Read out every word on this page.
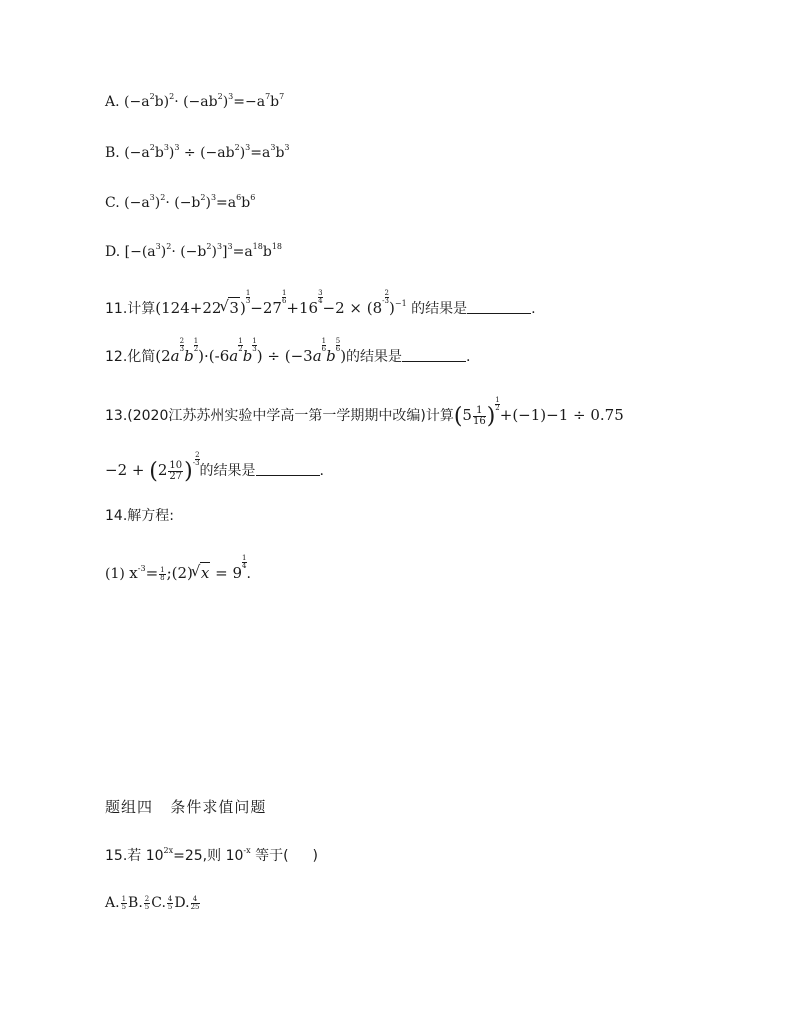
A. $(-a^2b)^2\cdot (-ab^2)^3=-a^7b^7$
B. $(-a^2b^3)^3 \div (-ab^2)^3=a^3b^3$
C. $(-a^3)^2\cdot (-b^2)^3=a^6b^6$
D. $[-(a^3)^2\cdot (-b^2)^3]^3=a^{18}b^{18}$
11.计算(124+22 √ 3)
$\frac{1}{3}$
−27
$\frac{1}{6}$
+16
$\frac{3}{4}$
$-2 \times (8 - \frac{2}{3}$
)$^{-1}$ 的结果是	.
12.化简(2a
$\frac{2}{3}$
b
$\frac{1}{2}$
)·(-6a
$\frac{1}{2}$
b
$\frac{1}{3}$
) ÷ (−3a
$\frac{1}{6}$
b
$\frac{5}{6}$
)的结果是	.
13.(2020江苏苏州实验中学高一第一学期期中改编)计算($5 \frac{1}{16}$ ) $\frac{1}{2}$
+(−1)−1 ÷ 0.75
$-2 + (2 \frac{10}{27}$ ) - $\frac{2}{3}$
的结果是	.
14.解方程:
(1) $x^{-3}= \frac{1}{8}$ ;(2) √ x = 9
$\frac{1}{4}$
.
题组四 条件求值问题
15.若 $10^{2x}=25$,则 $10^{-x}$ 等于( )
A. $\frac{1}{5} B$. $\frac{2}{5} C$. $\frac{4}{5} D$. $\frac{4}{25}$
